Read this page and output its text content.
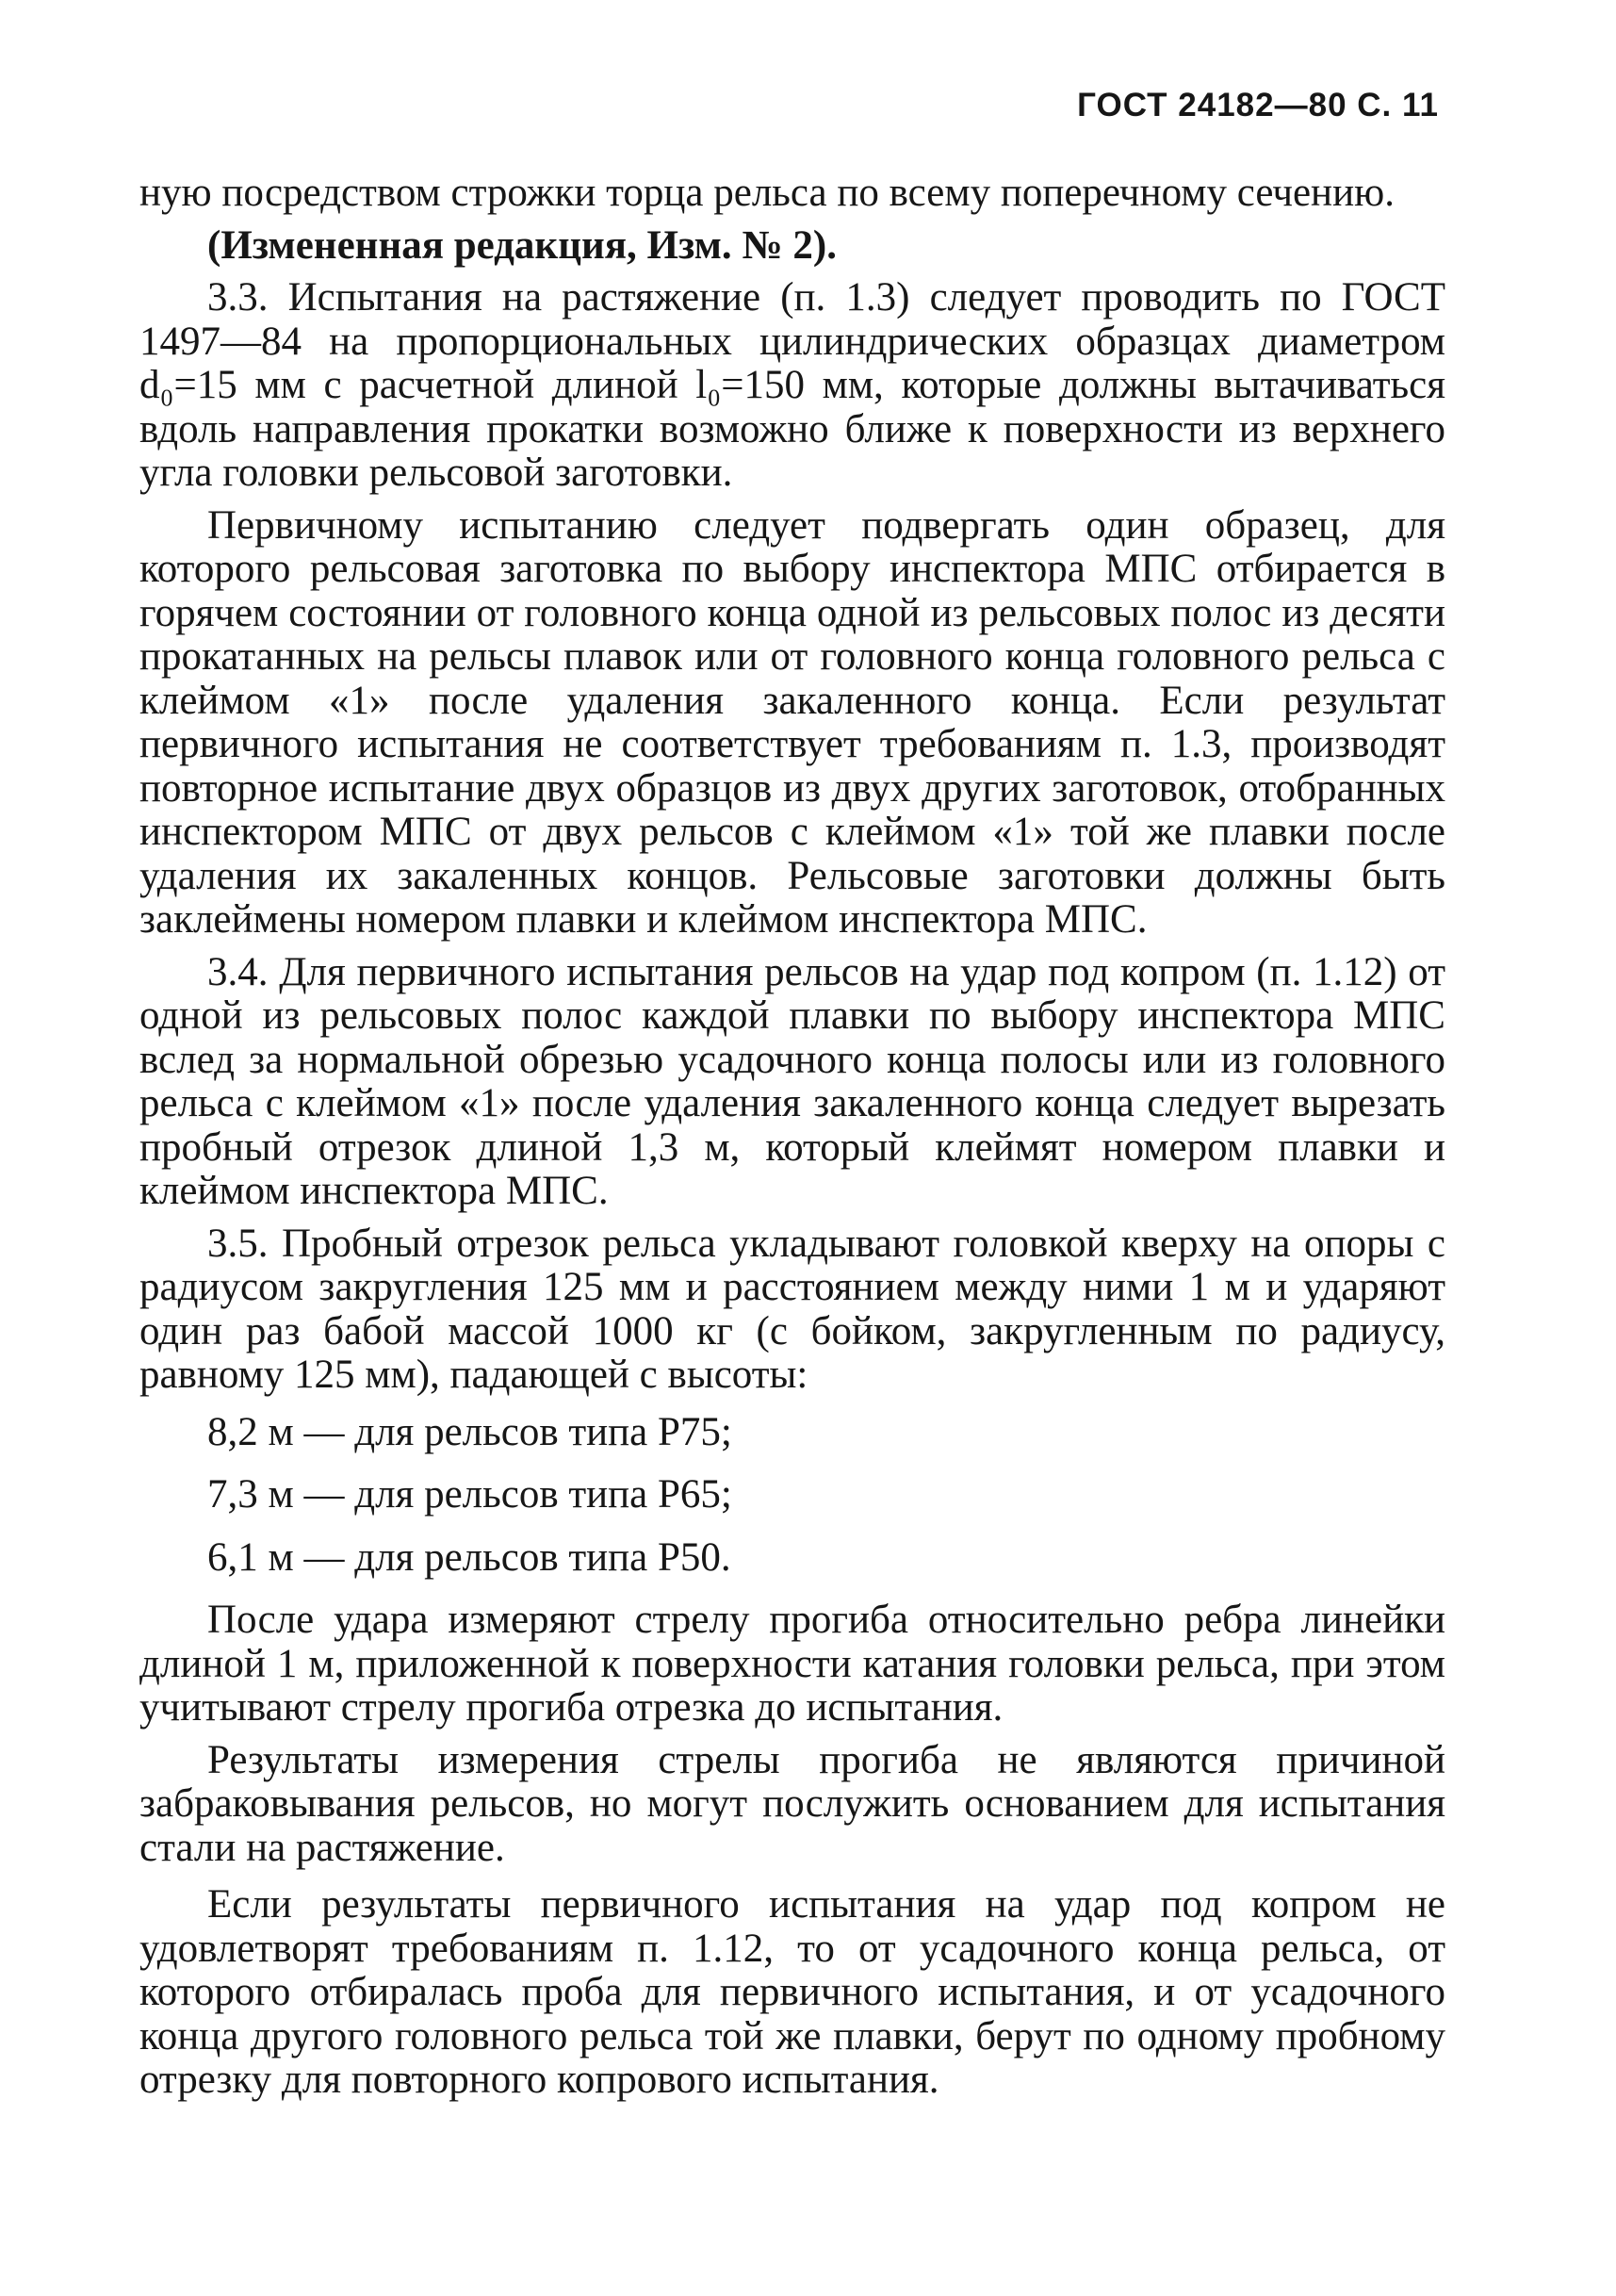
ГОСТ 24182—80 С. 11

ную посредством строжки торца рельса по всему поперечному сечению.

(Измененная редакция, Изм. № 2).

3.3. Испытания на растяжение (п. 1.3) следует проводить по ГОСТ 1497—84 на пропорциональных цилиндрических образцах диаметром d₀=15 мм с расчетной длиной l₀=150 мм, которые должны вытачиваться вдоль направления прокатки возможно ближе к поверхности из верхнего угла головки рельсовой заготовки.

Первичному испытанию следует подвергать один образец, для которого рельсовая заготовка по выбору инспектора МПС отбирается в горячем состоянии от головного конца одной из рельсовых полос из десяти прокатанных на рельсы плавок или от головного конца головного рельса с клеймом «1» после удаления закаленного конца. Если результат первичного испытания не соответствует требованиям п. 1.3, производят повторное испытание двух образцов из двух других заготовок, отобранных инспектором МПС от двух рельсов с клеймом «1» той же плавки после удаления их закаленных концов. Рельсовые заготовки должны быть заклеймены номером плавки и клеймом инспектора МПС.

3.4. Для первичного испытания рельсов на удар под копром (п. 1.12) от одной из рельсовых полос каждой плавки по выбору инспектора МПС вслед за нормальной обрезью усадочного конца полосы или из головного рельса с клеймом «1» после удаления закаленного конца следует вырезать пробный отрезок длиной 1,3 м, который клеймят номером плавки и клеймом инспектора МПС.

3.5. Пробный отрезок рельса укладывают головкой кверху на опоры с радиусом закругления 125 мм и расстоянием между ними 1 м и ударяют один раз бабой массой 1000 кг (с бойком, закругленным по радиусу, равному 125 мм), падающей с высоты:

8,2 м — для рельсов типа Р75;

7,3 м — для рельсов типа Р65;

6,1 м — для рельсов типа Р50.

После удара измеряют стрелу прогиба относительно ребра линейки длиной 1 м, приложенной к поверхности катания головки рельса, при этом учитывают стрелу прогиба отрезка до испытания.

Результаты измерения стрелы прогиба не являются причиной забраковывания рельсов, но могут послужить основанием для испытания стали на растяжение.

Если результаты первичного испытания на удар под копром не удовлетворят требованиям п. 1.12, то от усадочного конца рельса, от которого отбиралась проба для первичного испытания, и от усадочного конца другого головного рельса той же плавки, берут по одному пробному отрезку для повторного копрового испытания.
